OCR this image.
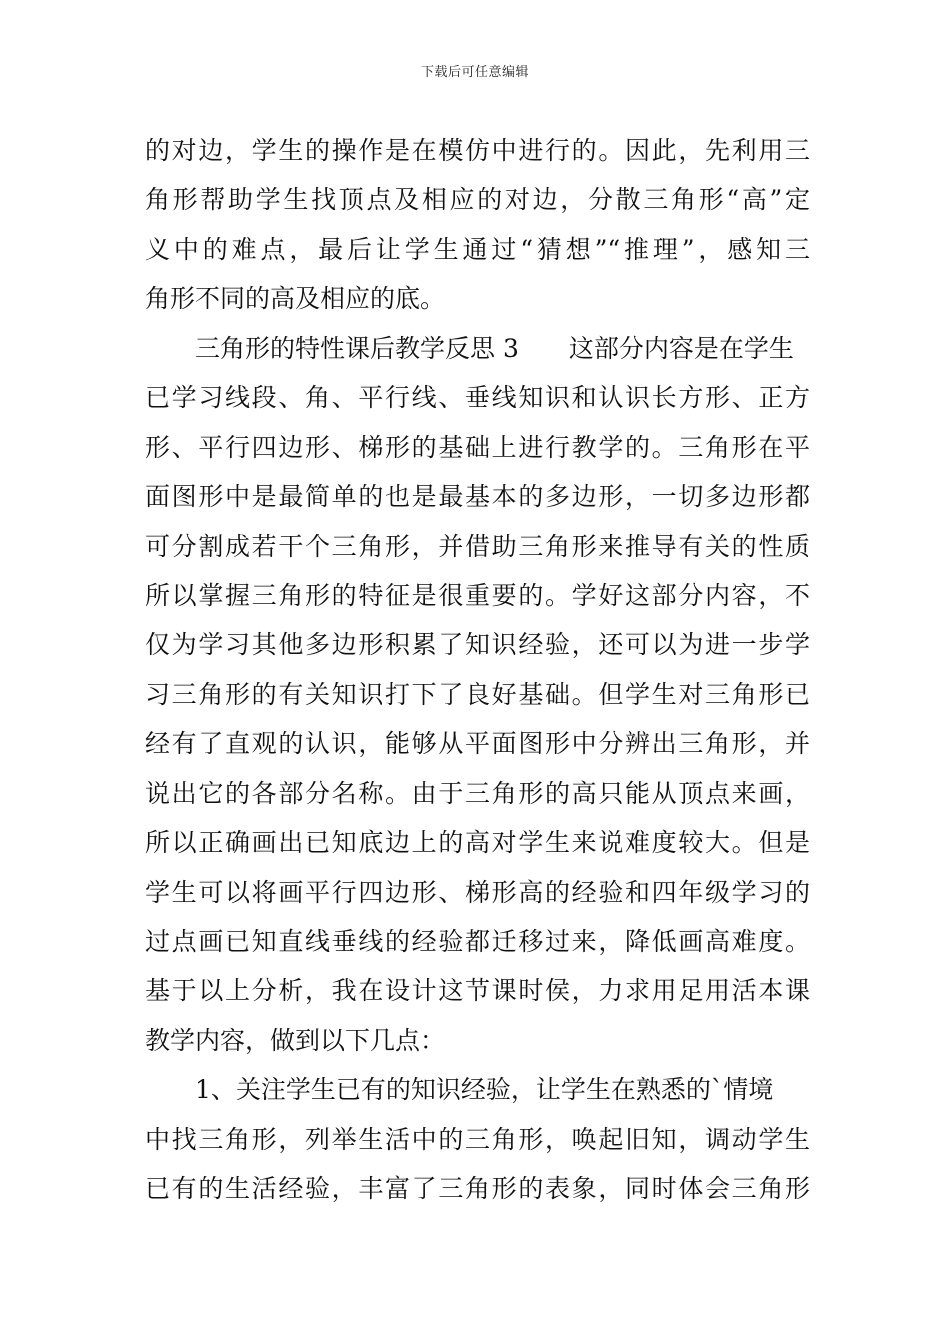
下载后可任意编辑
的对边，学生的操作是在模仿中进行的。因此，先利用三
角形帮助学生找顶点及相应的对边，分散三角形“高”定
义中的难点，最后让学生通过“猜想”“推理”，感知三
角形不同的高及相应的底。
三角形的特性课后教学反思 3　　这部分内容是在学生
已学习线段、角、平行线、垂线知识和认识长方形、正方
形、平行四边形、梯形的基础上进行教学的。三角形在平
面图形中是最简单的也是最基本的多边形，一切多边形都
可分割成若干个三角形，并借助三角形来推导有关的性质
所以掌握三角形的特征是很重要的。学好这部分内容，不
仅为学习其他多边形积累了知识经验，还可以为进一步学
习三角形的有关知识打下了良好基础。但学生对三角形已
经有了直观的认识，能够从平面图形中分辨出三角形，并
说出它的各部分名称。由于三角形的高只能从顶点来画，
所以正确画出已知底边上的高对学生来说难度较大。但是
学生可以将画平行四边形、梯形高的经验和四年级学习的
过点画已知直线垂线的经验都迁移过来，降低画高难度。
基于以上分析，我在设计这节课时侯，力求用足用活本课
教学内容，做到以下几点：
1、关注学生已有的知识经验，让学生在熟悉的`情境
中找三角形，列举生活中的三角形，唤起旧知，调动学生
已有的生活经验，丰富了三角形的表象，同时体会三角形
